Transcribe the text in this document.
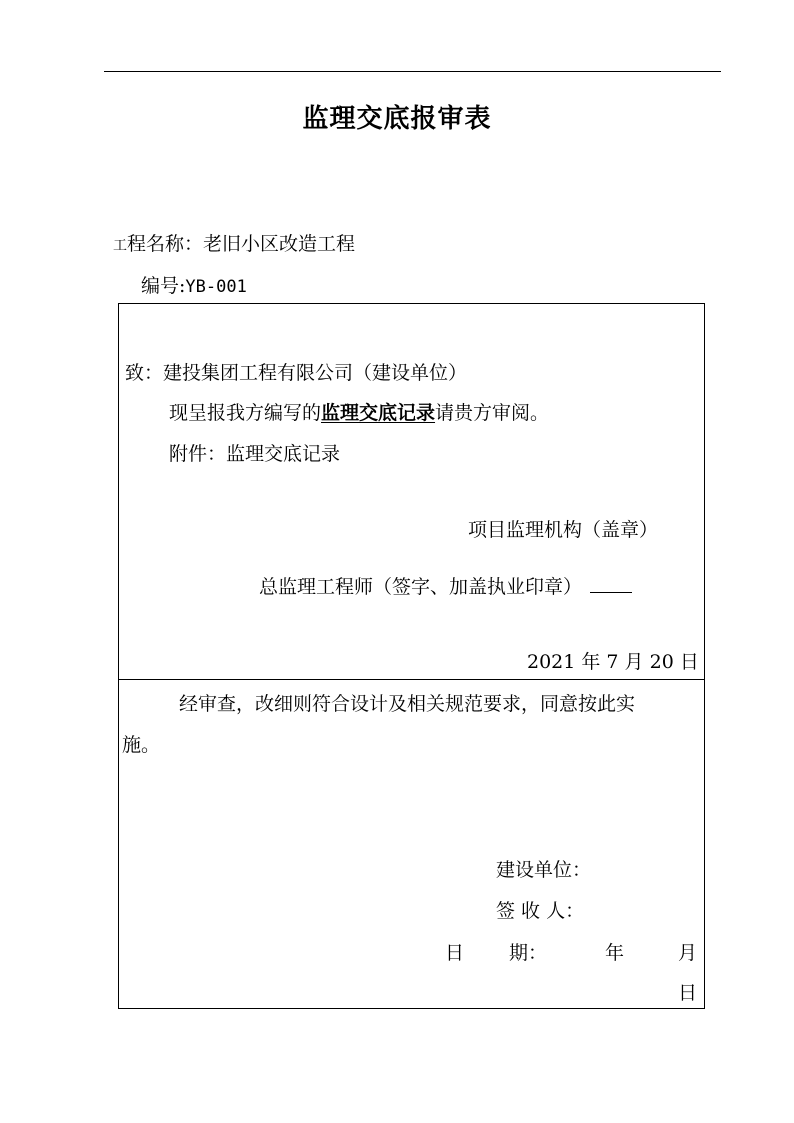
监理交底报审表
工程名称：老旧小区改造工程
编号:YB-001
致：建投集团工程有限公司（建设单位）
现呈报我方编写的监理交底记录请贵方审阅。
附件：监理交底记录
项目监理机构（盖章）
总监理工程师（签字、加盖执业印章）
2021 年 7 月 20 日
经审查，改细则符合设计及相关规范要求，同意按此实
施。
建设单位：
签 收 人：
日 期：	年	月
日
